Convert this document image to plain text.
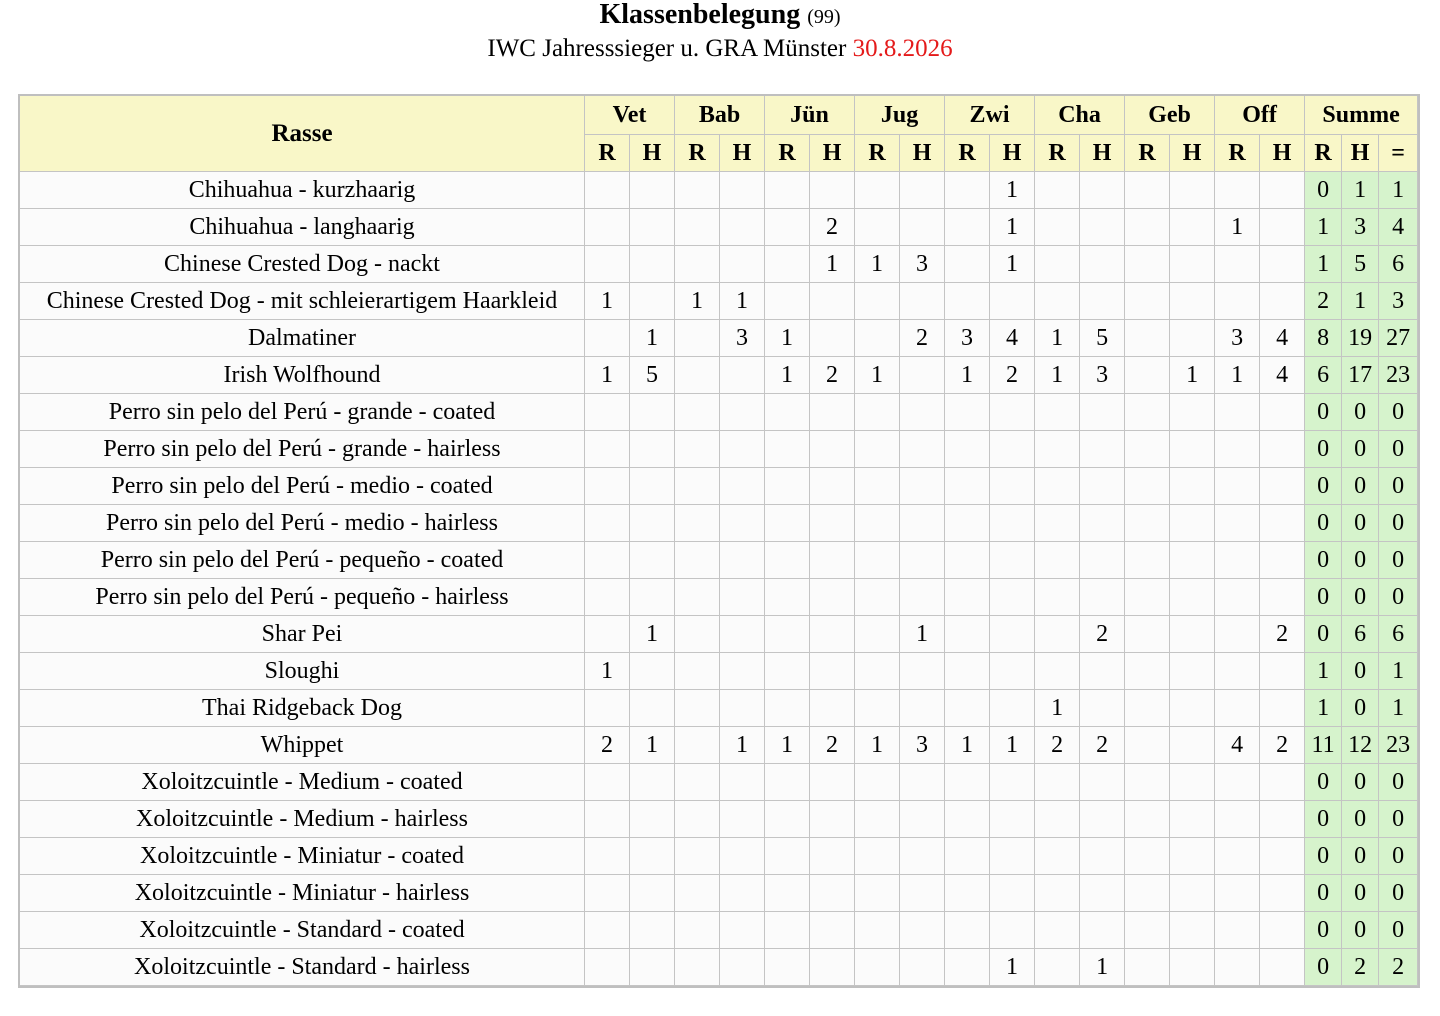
Klassenbelegung (99)
IWC Jahresssieger u. GRA Münster 30.8.2026
Rasse	Vet		Bab		Jün		Jug		Zwi		Cha		Geb		Off		Summe		
	R	H	R	H	R	H	R	H	R	H	R	H	R	H	R	H	R	H	=
Chihuahua - kurzhaarig										1							0	1	1
Chihuahua - langhaarig						2				1					1		1	3	4
Chinese Crested Dog - nackt						1	1	3		1							1	5	6
Chinese Crested Dog - mit schleierartigem Haarkleid	1		1	1													2	1	3
Dalmatiner		1		3	1			2	3	4	1	5			3	4	8	19	27
Irish Wolfhound	1	5			1	2	1		1	2	1	3		1	1	4	6	17	23
Perro sin pelo del Perú - grande - coated																	0	0	0
Perro sin pelo del Perú - grande - hairless																	0	0	0
Perro sin pelo del Perú - medio - coated																	0	0	0
Perro sin pelo del Perú - medio - hairless																	0	0	0
Perro sin pelo del Perú - pequeño - coated																	0	0	0
Perro sin pelo del Perú - pequeño - hairless																	0	0	0
Shar Pei		1						1				2				2	0	6	6
Sloughi	1																1	0	1
Thai Ridgeback Dog											1						1	0	1
Whippet	2	1		1	1	2	1	3	1	1	2	2			4	2	11	12	23
Xoloitzcuintle - Medium - coated																	0	0	0
Xoloitzcuintle - Medium - hairless																	0	0	0
Xoloitzcuintle - Miniatur - coated																	0	0	0
Xoloitzcuintle - Miniatur - hairless																	0	0	0
Xoloitzcuintle - Standard - coated																	0	0	0
Xoloitzcuintle - Standard - hairless										1		1					0	2	2
